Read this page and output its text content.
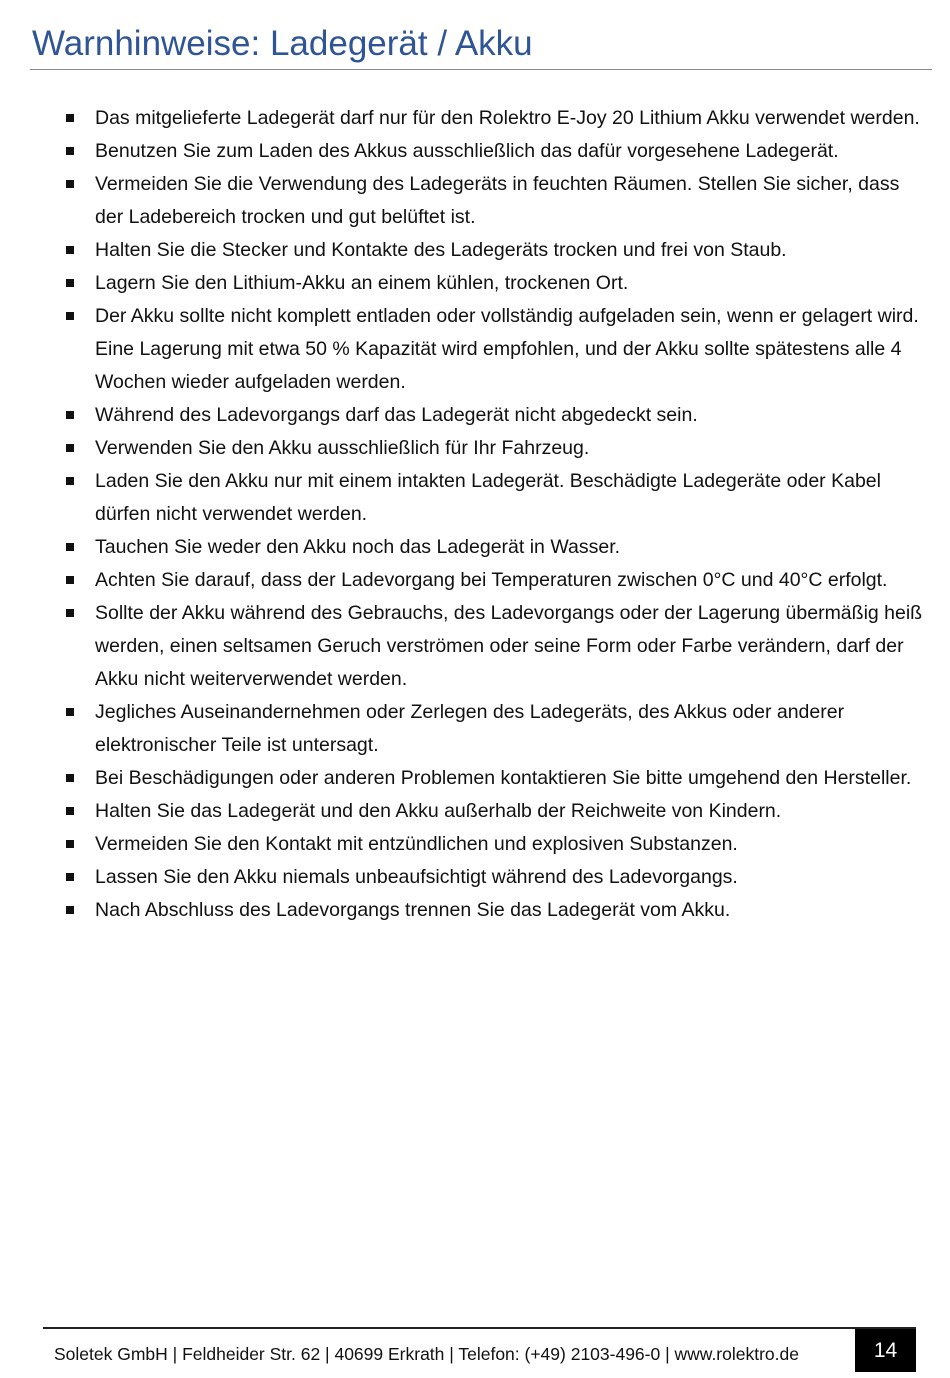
Warnhinweise: Ladegerät / Akku
Das mitgelieferte Ladegerät darf nur für den Rolektro E-Joy 20 Lithium Akku verwendet werden.
Benutzen Sie zum Laden des Akkus ausschließlich das dafür vorgesehene Ladegerät.
Vermeiden Sie die Verwendung des Ladegeräts in feuchten Räumen. Stellen Sie sicher, dass der Ladebereich trocken und gut belüftet ist.
Halten Sie die Stecker und Kontakte des Ladegeräts trocken und frei von Staub.
Lagern Sie den Lithium-Akku an einem kühlen, trockenen Ort.
Der Akku sollte nicht komplett entladen oder vollständig aufgeladen sein, wenn er gelagert wird. Eine Lagerung mit etwa 50 % Kapazität wird empfohlen, und der Akku sollte spätestens alle 4 Wochen wieder aufgeladen werden.
Während des Ladevorgangs darf das Ladegerät nicht abgedeckt sein.
Verwenden Sie den Akku ausschließlich für Ihr Fahrzeug.
Laden Sie den Akku nur mit einem intakten Ladegerät. Beschädigte Ladegeräte oder Kabel dürfen nicht verwendet werden.
Tauchen Sie weder den Akku noch das Ladegerät in Wasser.
Achten Sie darauf, dass der Ladevorgang bei Temperaturen zwischen 0°C und 40°C erfolgt.
Sollte der Akku während des Gebrauchs, des Ladevorgangs oder der Lagerung übermäßig heiß werden, einen seltsamen Geruch verströmen oder seine Form oder Farbe verändern, darf der Akku nicht weiterverwendet werden.
Jegliches Auseinandernehmen oder Zerlegen des Ladegeräts, des Akkus oder anderer elektronischer Teile ist untersagt.
Bei Beschädigungen oder anderen Problemen kontaktieren Sie bitte umgehend den Hersteller.
Halten Sie das Ladegerät und den Akku außerhalb der Reichweite von Kindern.
Vermeiden Sie den Kontakt mit entzündlichen und explosiven Substanzen.
Lassen Sie den Akku niemals unbeaufsichtigt während des Ladevorgangs.
Nach Abschluss des Ladevorgangs trennen Sie das Ladegerät vom Akku.
Soletek GmbH | Feldheider Str. 62 | 40699 Erkrath | Telefon: (+49) 2103-496-0 | www.rolektro.de	14
